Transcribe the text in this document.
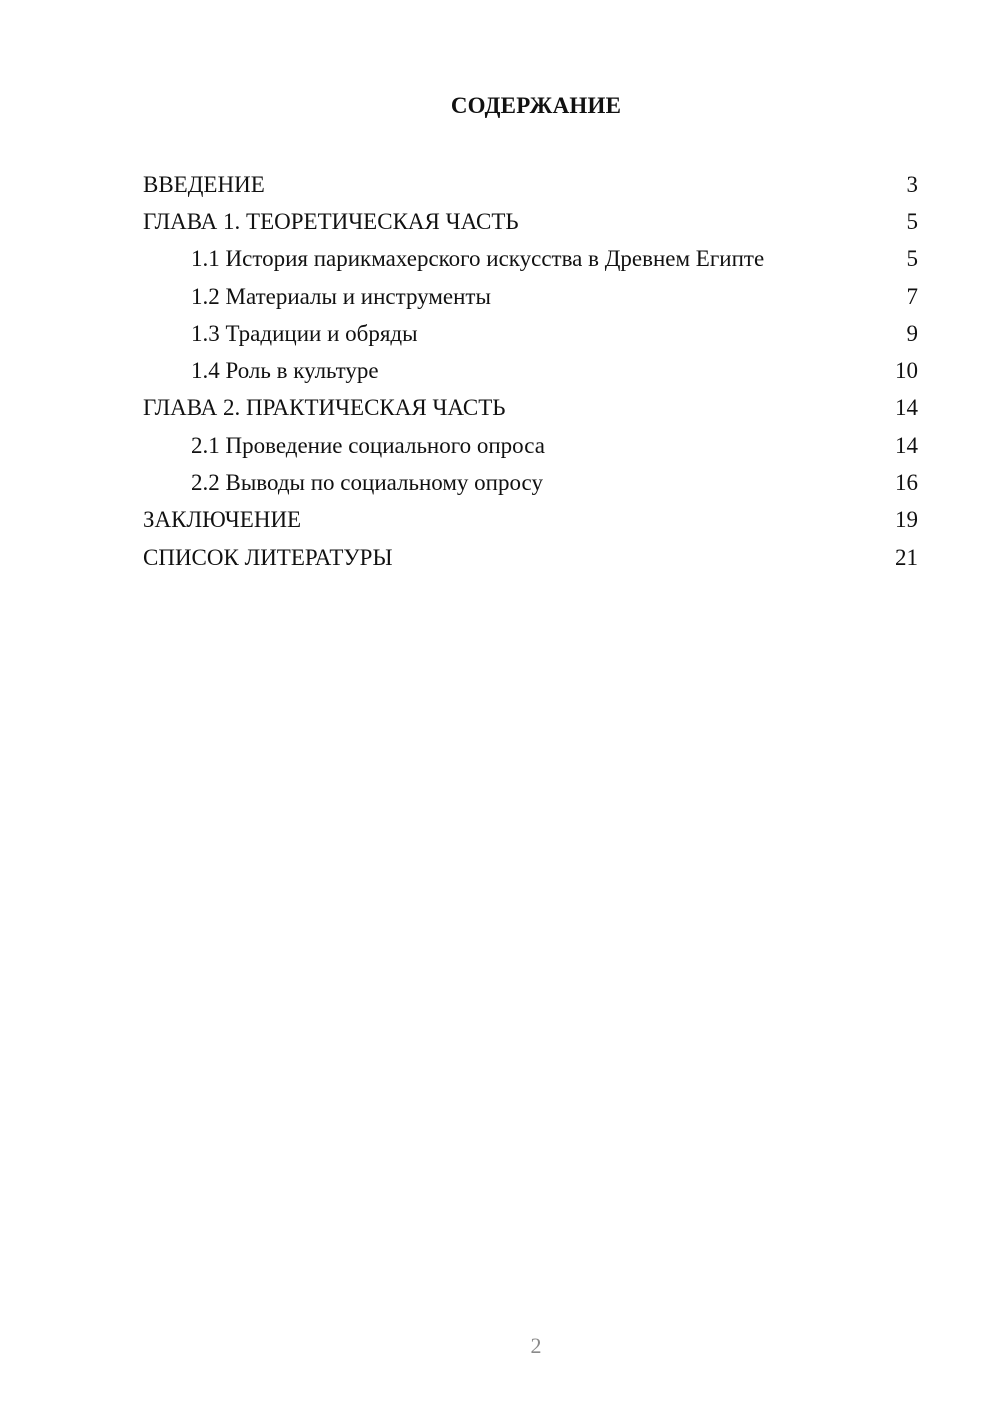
СОДЕРЖАНИЕ
ВВЕДЕНИЕ	3
ГЛАВА 1. ТЕОРЕТИЧЕСКАЯ ЧАСТЬ	5
1.1 История парикмахерского искусства в Древнем Египте	5
1.2 Материалы и инструменты	7
1.3 Традиции и обряды	9
1.4 Роль в культуре	10
ГЛАВА 2. ПРАКТИЧЕСКАЯ ЧАСТЬ	14
2.1 Проведение социального опроса	14
2.2 Выводы по социальному опросу	16
ЗАКЛЮЧЕНИЕ	19
СПИСОК ЛИТЕРАТУРЫ	21
2
